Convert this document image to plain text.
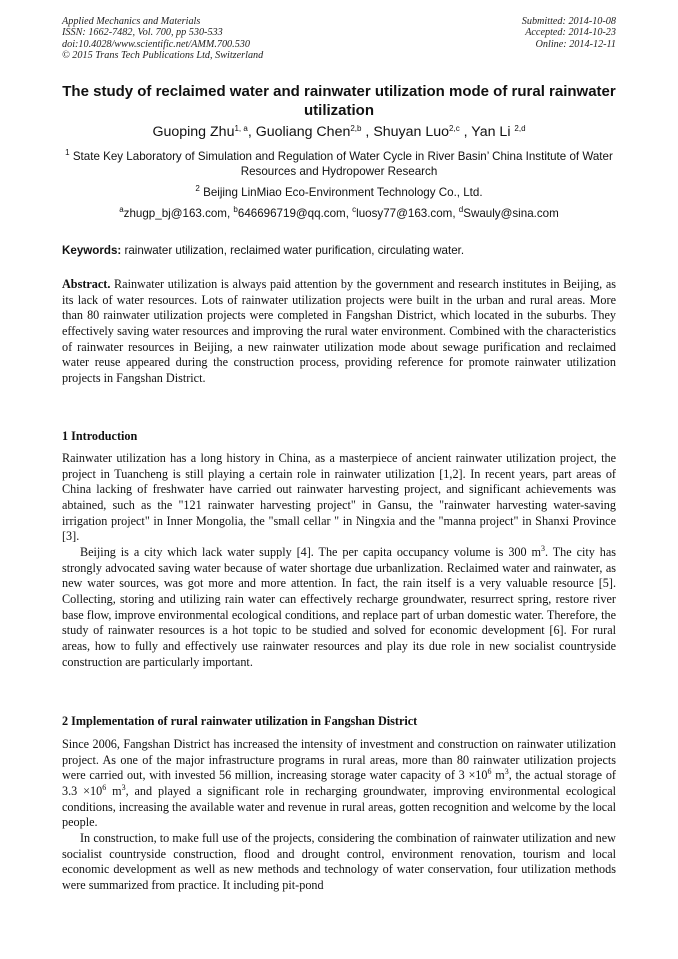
Applied Mechanics and Materials
ISSN: 1662-7482, Vol. 700, pp 530-533
doi:10.4028/www.scientific.net/AMM.700.530
© 2015 Trans Tech Publications Ltd, Switzerland
Submitted: 2014-10-08
Accepted: 2014-10-23
Online: 2014-12-11
The study of reclaimed water and rainwater utilization mode of rural rainwater utilization
Guoping Zhu$^{1, a}$, Guoliang Chen$^{2,b}$ , Shuyan Luo$^{2,c}$ , Yan Li $^{2,d}$
$^1$ State Key Laboratory of Simulation and Regulation of Water Cycle in River Basin’ China Institute of Water Resources and Hydropower Research
$^2$ Beijing LinMiao Eco-Environment Technology Co., Ltd.
$^a$zhugp_bj@163.com, $^b$646696719@qq.com, $^c$luosy77@163.com, $^d$Swauly@sina.com
Keywords: rainwater utilization, reclaimed water purification, circulating water.

Abstract. Rainwater utilization is always paid attention by the government and research institutes in Beijing, as its lack of water resources. Lots of rainwater utilization projects were built in the urban and rural areas. More than 80 rainwater utilization projects were completed in Fangshan District, which located in the suburbs. They effectively saving water resources and improving the rural water environment. Combined with the characteristics of rainwater resources in Beijing, a new rainwater utilization mode about sewage purification and reclaimed water reuse appeared during the construction process, providing reference for promote rainwater utilization projects in Fangshan District.

1 Introduction

Rainwater utilization has a long history in China, as a masterpiece of ancient rainwater utilization project, the project in Tuancheng is still playing a certain role in rainwater utilization [1,2]. In recent years, part areas of China lacking of freshwater have carried out rainwater harvesting project, and significant achievements was abtained, such as the "121 rainwater harvesting project" in Gansu, the "rainwater harvesting water-saving irrigation project" in Inner Mongolia, the "small cellar " in Ningxia and the "manna project" in Shanxi Province [3].

Beijing is a city which lack water supply [4]. The per capita occupancy volume is 300 $m^3$. The city has strongly advocated saving water because of water shortage due urbanlization. Reclaimed water and rainwater, as new water sources, was got more and more attention. In fact, the rain itself is a very valuable resource [5]. Collecting, storing and utilizing rain water can effectively recharge groundwater, resurrect spring, restore river base flow, improve environmental ecological conditions, and replace part of urban domestic water. Therefore, the study of rainwater resources is a hot topic to be studied and solved for economic development [6]. For rural areas, how to fully and effectively use rainwater resources and play its due role in new socialist countryside construction are particularly important.

2 Implementation of rural rainwater utilization in Fangshan District

Since 2006, Fangshan District has increased the intensity of investment and construction on rainwater utilization project. As one of the major infrastructure programs in rural areas, more than 80 rainwater utilization projects were carried out, with invested 56 million, increasing storage water capacity of $3 \times 10^6$ $m^3$, the actual storage of $3.3 \times 10^6$ $m^3$, and played a significant role in recharging groundwater, improving environmental ecological conditions, increasing the available water and revenue in rural areas, gotten recognition and welcome by the local people.

In construction, to make full use of the projects, considering the combination of rainwater utilization and new socialist countryside construction, flood and drought control, environment renovation, tourism and local economic development as well as new methods and technology of water conservation, four utilization methods were summarized from practice. It including pit-pond
